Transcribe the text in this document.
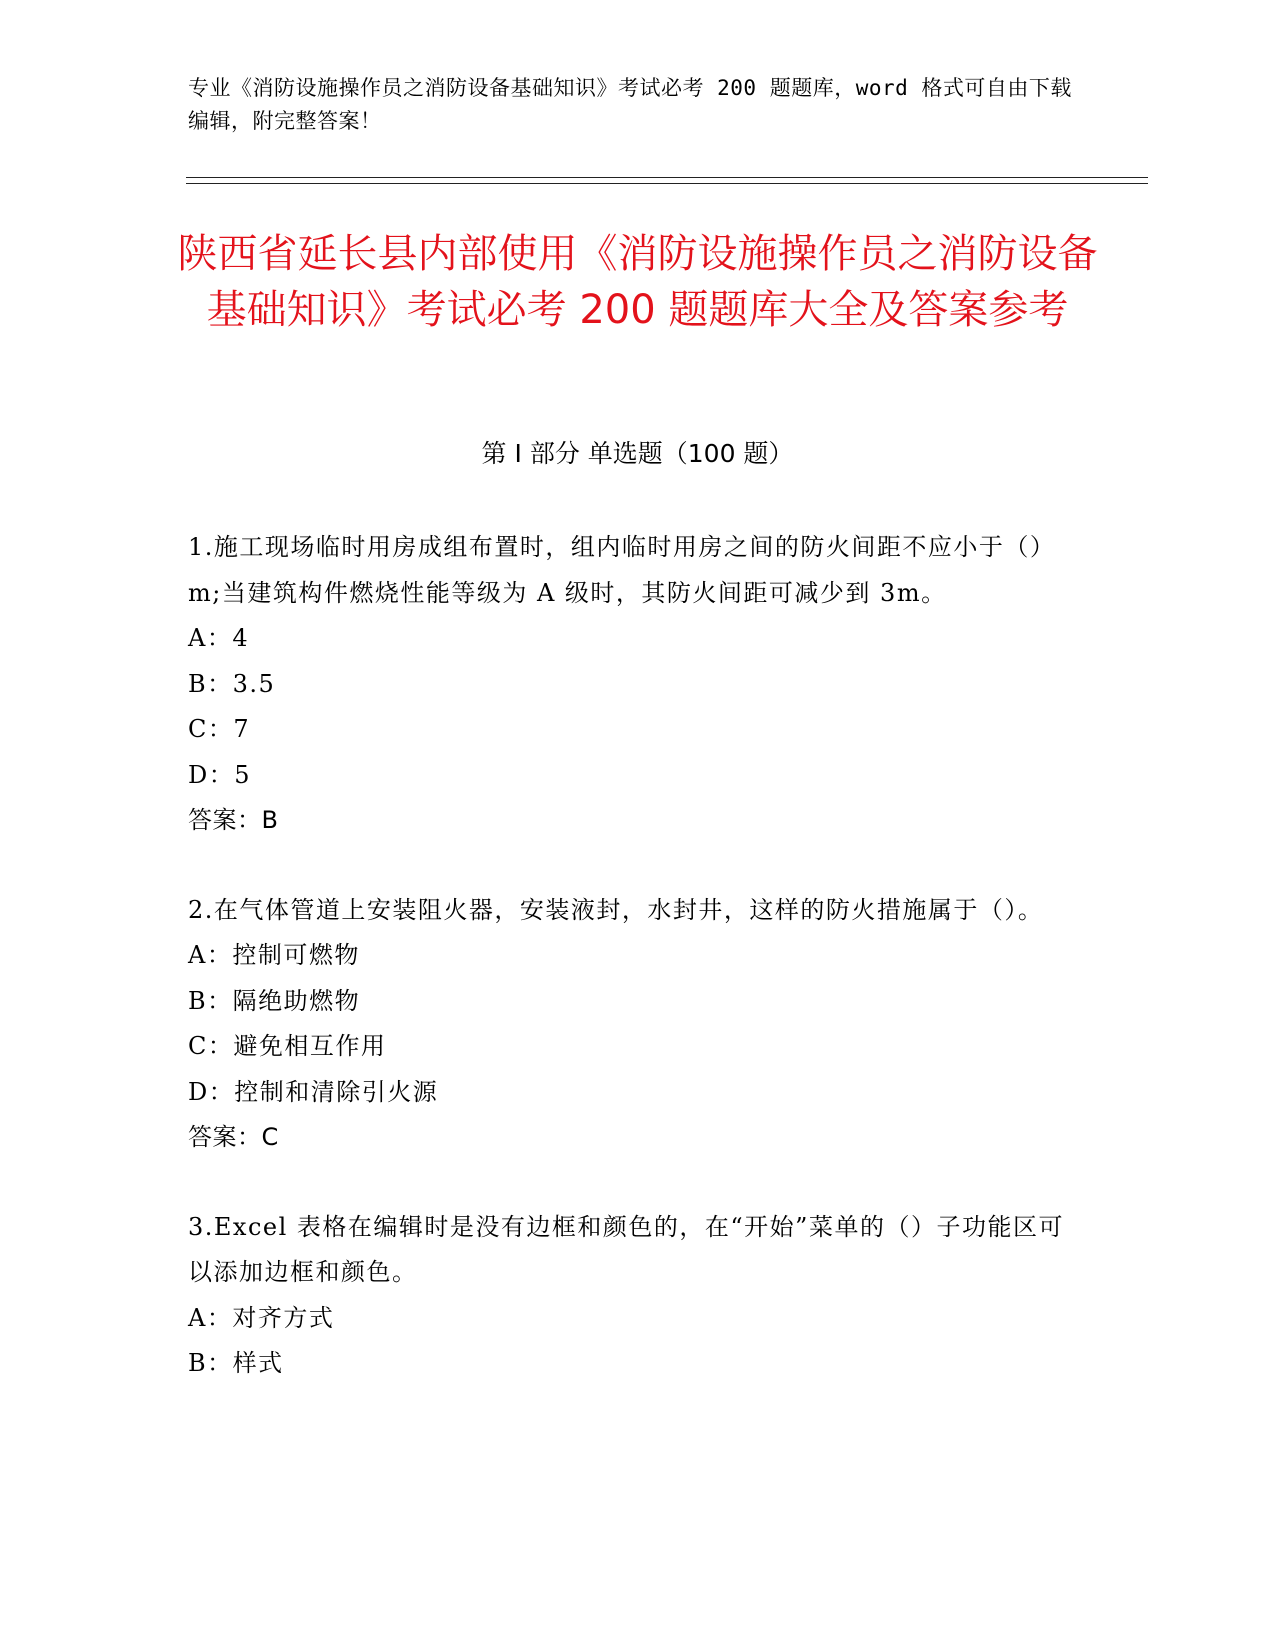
专业《消防设施操作员之消防设备基础知识》考试必考 200 题题库，word 格式可自由下载编辑，附完整答案！
陕西省延长县内部使用《消防设施操作员之消防设备基础知识》考试必考 200 题题库大全及答案参考
第 I 部分 单选题（100 题）

1.施工现场临时用房成组布置时，组内临时用房之间的防火间距不应小于（）m;当建筑构件燃烧性能等级为 A 级时，其防火间距可减少到 3m。

A：4

B：3.5

C：7

D：5

答案：B

2.在气体管道上安装阻火器，安装液封，水封井，这样的防火措施属于（）。

A：控制可燃物

B：隔绝助燃物

C：避免相互作用

D：控制和清除引火源

答案：C

3.Excel 表格在编辑时是没有边框和颜色的，在“开始”菜单的（）子功能区可以添加边框和颜色。

A：对齐方式

B：样式
